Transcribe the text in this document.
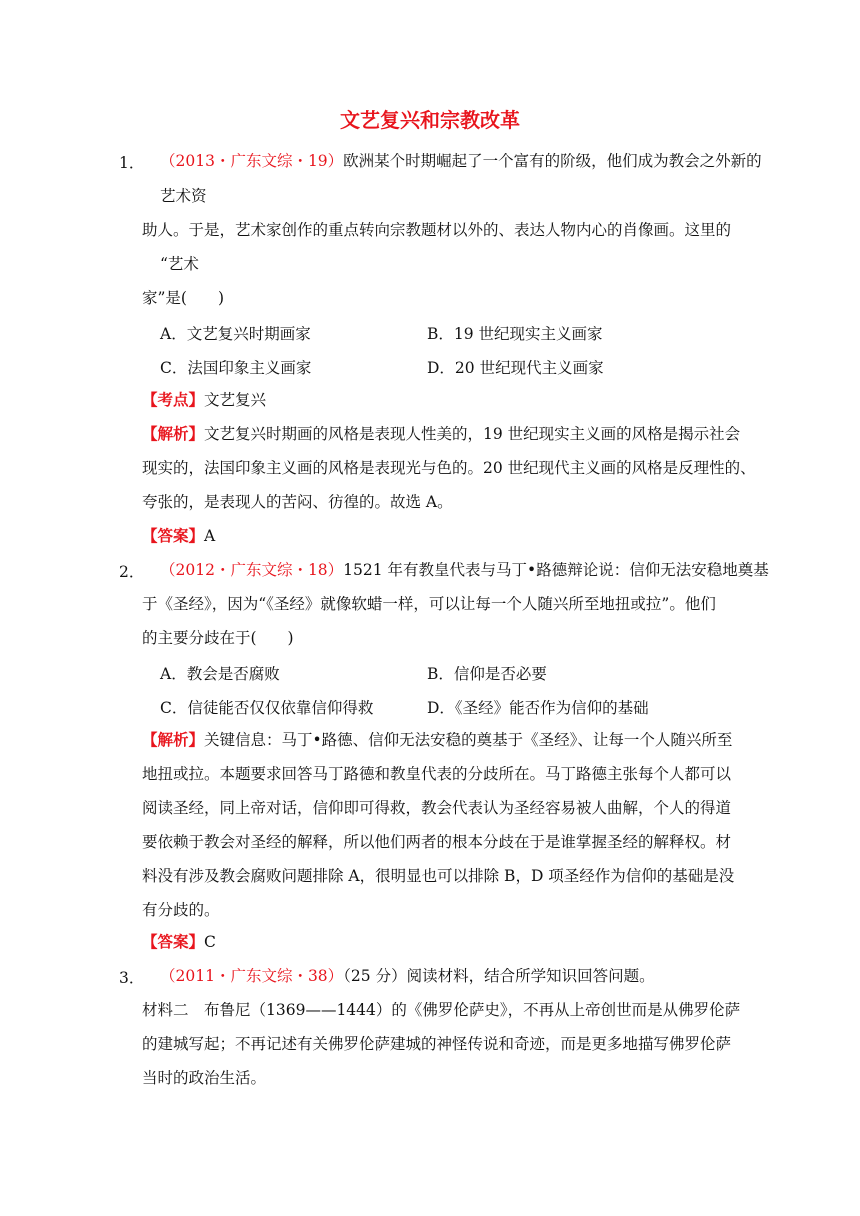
文艺复兴和宗教改革
1． （2013・广东文综・19）欧洲某个时期崛起了一个富有的阶级，他们成为教会之外新的
艺术资
助人。于是，艺术家创作的重点转向宗教题材以外的、表达人物内心的肖像画。这里的
“艺术
家”是(　　)
A．文艺复兴时期画家	B．19 世纪现实主义画家
C．法国印象主义画家	D．20 世纪现代主义画家
【考点】文艺复兴
【解析】文艺复兴时期画的风格是表现人性美的，19 世纪现实主义画的风格是揭示社会
现实的，法国印象主义画的风格是表现光与色的。20 世纪现代主义画的风格是反理性的、
夸张的，是表现人的苦闷、彷徨的。故选 A。
【答案】A
2． （2012・广东文综・18）1521 年有教皇代表与马丁•路德辩论说：信仰无法安稳地奠基
于《圣经》，因为“《圣经》就像软蜡一样，可以让每一个人随兴所至地扭或拉”。他们
的主要分歧在于(　　)
A．教会是否腐败	B．信仰是否必要
C．信徒能否仅仅依靠信仰得救	D．《圣经》能否作为信仰的基础
【解析】关键信息：马丁•路德、信仰无法安稳的奠基于《圣经》、让每一个人随兴所至
地扭或拉。本题要求回答马丁路德和教皇代表的分歧所在。马丁路德主张每个人都可以
阅读圣经，同上帝对话，信仰即可得救，教会代表认为圣经容易被人曲解，个人的得道
要依赖于教会对圣经的解释，所以他们两者的根本分歧在于是谁掌握圣经的解释权。材
料没有涉及教会腐败问题排除 A，很明显也可以排除 B，D 项圣经作为信仰的基础是没
有分歧的。
【答案】C
3． （2011・广东文综・38）（25 分）阅读材料，结合所学知识回答问题。
材料二　布鲁尼（1369——1444）的《佛罗伦萨史》，不再从上帝创世而是从佛罗伦萨
的建城写起；不再记述有关佛罗伦萨建城的神怪传说和奇迹，而是更多地描写佛罗伦萨
当时的政治生活。
